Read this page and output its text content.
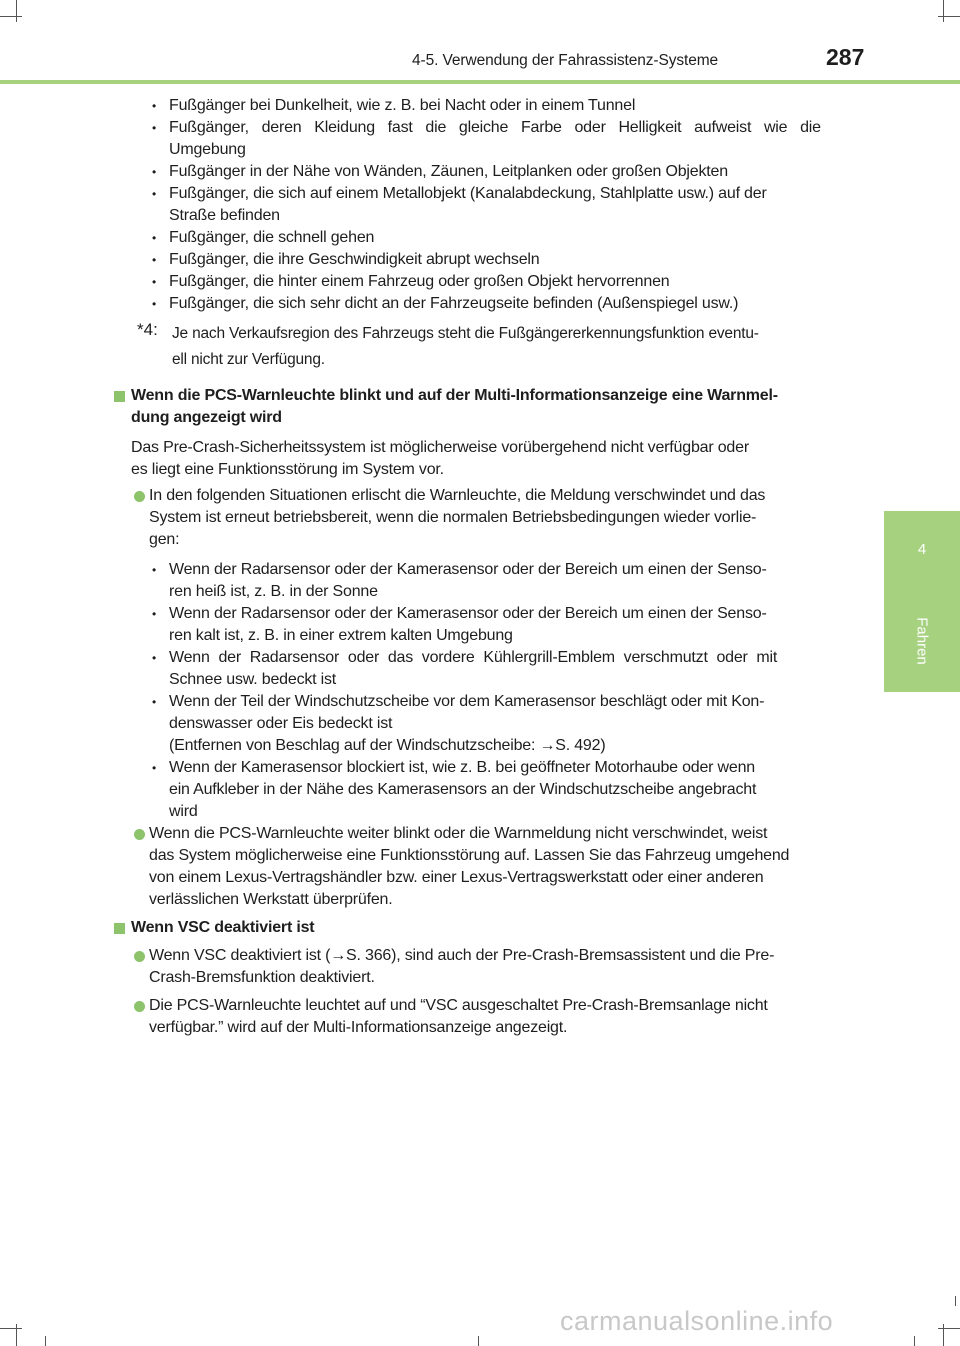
4-5. Verwendung der Fahrassistenz-Systeme	287
4
Fahren
• Fußgänger bei Dunkelheit, wie z. B. bei Nacht oder in einem Tunnel
• Fußgänger, deren Kleidung fast die gleiche Farbe oder Helligkeit aufweist wie die
Umgebung
• Fußgänger in der Nähe von Wänden, Zäunen, Leitplanken oder großen Objekten
• Fußgänger, die sich auf einem Metallobjekt (Kanalabdeckung, Stahlplatte usw.) auf der
Straße befinden
• Fußgänger, die schnell gehen
• Fußgänger, die ihre Geschwindigkeit abrupt wechseln
• Fußgänger, die hinter einem Fahrzeug oder großen Objekt hervorrennen
• Fußgänger, die sich sehr dicht an der Fahrzeugseite befinden (Außenspiegel usw.)
*4: Je nach Verkaufsregion des Fahrzeugs steht die Fußgängererkennungsfunktion eventu-
ell nicht zur Verfügung.
Wenn die PCS-Warnleuchte blinkt und auf der Multi-Informationsanzeige eine Warnmel-
dung angezeigt wird
Das Pre-Crash-Sicherheitssystem ist möglicherweise vorübergehend nicht verfügbar oder
es liegt eine Funktionsstörung im System vor.
In den folgenden Situationen erlischt die Warnleuchte, die Meldung verschwindet und das
System ist erneut betriebsbereit, wenn die normalen Betriebsbedingungen wieder vorlie-
gen:
• Wenn der Radarsensor oder der Kamerasensor oder der Bereich um einen der Senso-
ren heiß ist, z. B. in der Sonne
• Wenn der Radarsensor oder der Kamerasensor oder der Bereich um einen der Senso-
ren kalt ist, z. B. in einer extrem kalten Umgebung
• Wenn der Radarsensor oder das vordere Kühlergrill-Emblem verschmutzt oder mit
Schnee usw. bedeckt ist
• Wenn der Teil der Windschutzscheibe vor dem Kamerasensor beschlägt oder mit Kon-
denswasser oder Eis bedeckt ist
(Entfernen von Beschlag auf der Windschutzscheibe: →S. 492)
• Wenn der Kamerasensor blockiert ist, wie z. B. bei geöffneter Motorhaube oder wenn
ein Aufkleber in der Nähe des Kamerasensors an der Windschutzscheibe angebracht
wird
Wenn die PCS-Warnleuchte weiter blinkt oder die Warnmeldung nicht verschwindet, weist
das System möglicherweise eine Funktionsstörung auf. Lassen Sie das Fahrzeug umgehend
von einem Lexus-Vertragshändler bzw. einer Lexus-Vertragswerkstatt oder einer anderen
verlässlichen Werkstatt überprüfen.
Wenn VSC deaktiviert ist
Wenn VSC deaktiviert ist (→S. 366), sind auch der Pre-Crash-Bremsassistent und die Pre-
Crash-Bremsfunktion deaktiviert.
Die PCS-Warnleuchte leuchtet auf und “VSC ausgeschaltet Pre-Crash-Bremsanlage nicht
verfügbar.” wird auf der Multi-Informationsanzeige angezeigt.
carmanualsonline.info
